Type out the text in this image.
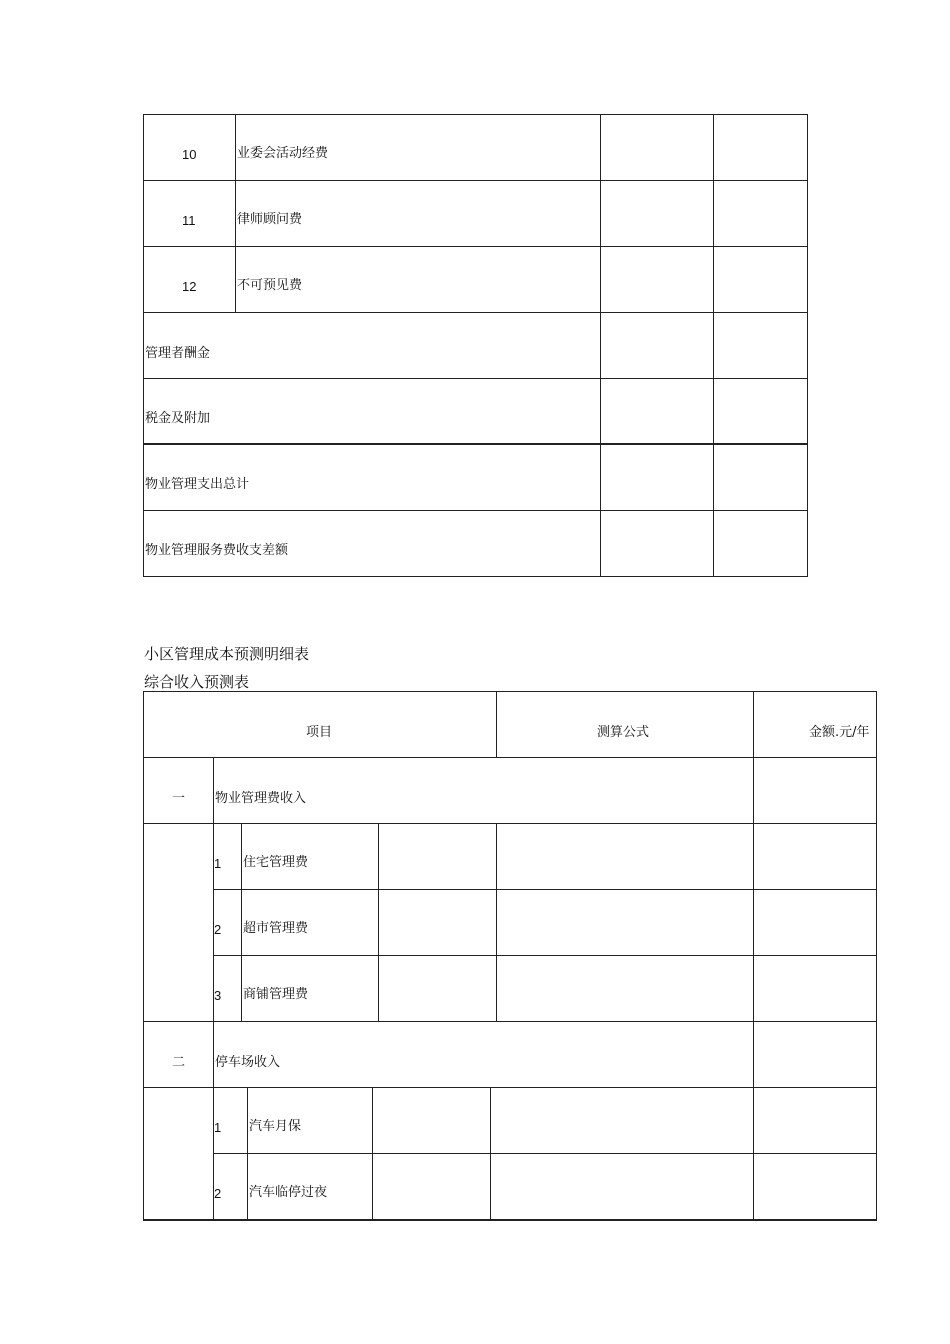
10	业委会活动经费
11	律师顾问费
12	不可预见费
管理者酬金
税金及附加
物业管理支出总计
物业管理服务费收支差额
小区管理成本预测明细表
综合收入预测表
项目	测算公式	金额.元/年
一 物业管理费收入
1 住宅管理费
2 超市管理费
3 商铺管理费
二 停车场收入
1 汽车月保
2 汽车临停过夜
